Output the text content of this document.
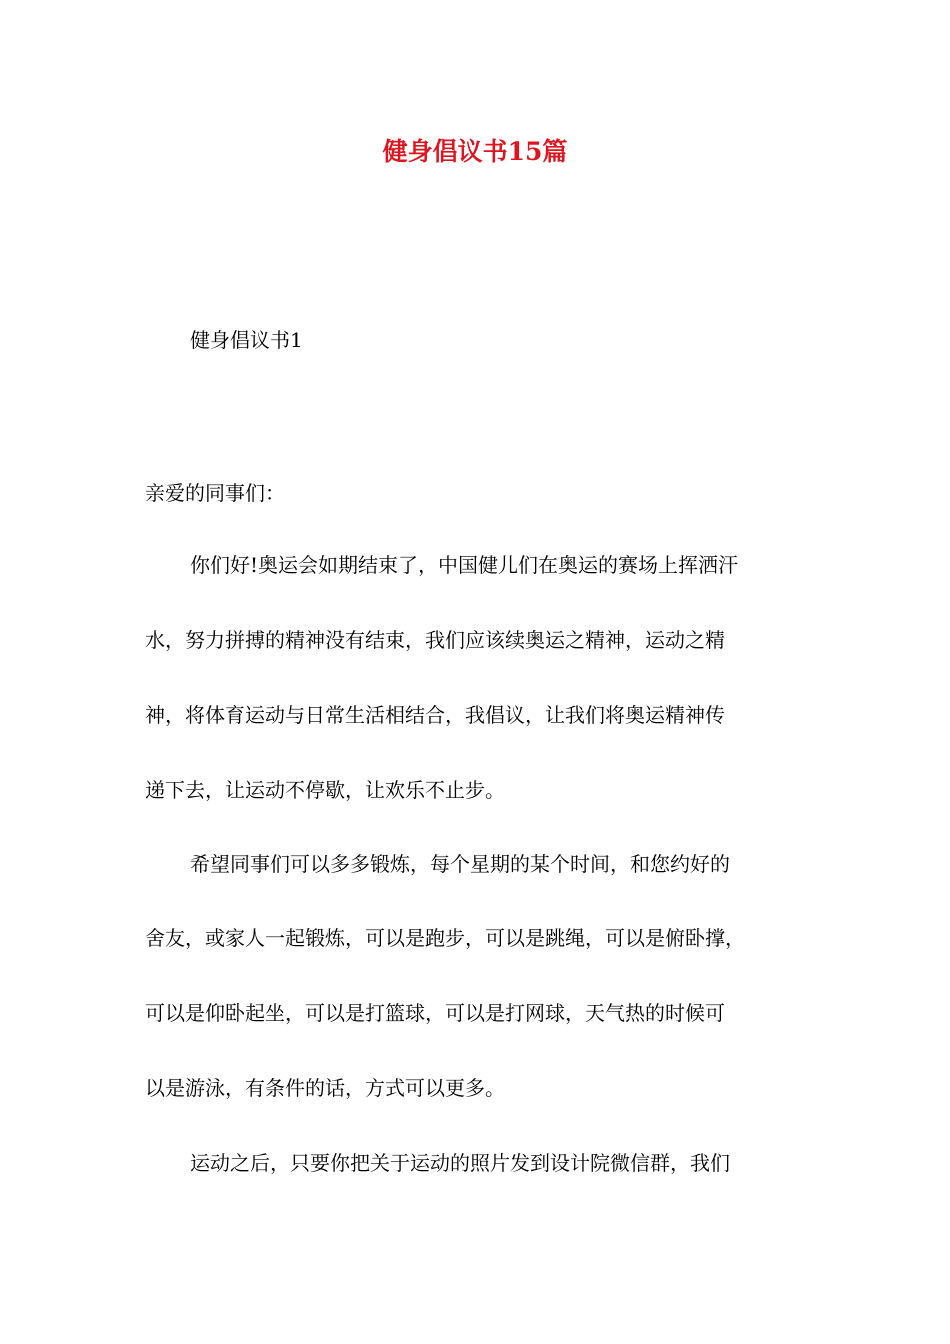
健身倡议书15篇
健身倡议书1
亲爱的同事们：
你们好!奥运会如期结束了，中国健儿们在奥运的赛场上挥洒汗
水，努力拼搏的精神没有结束，我们应该续奥运之精神，运动之精
神，将体育运动与日常生活相结合，我倡议，让我们将奥运精神传
递下去，让运动不停歇，让欢乐不止步。
希望同事们可以多多锻炼，每个星期的某个时间，和您约好的
舍友，或家人一起锻炼，可以是跑步，可以是跳绳，可以是俯卧撑，
可以是仰卧起坐，可以是打篮球，可以是打网球，天气热的时候可
以是游泳，有条件的话，方式可以更多。
运动之后，只要你把关于运动的照片发到设计院微信群，我们
